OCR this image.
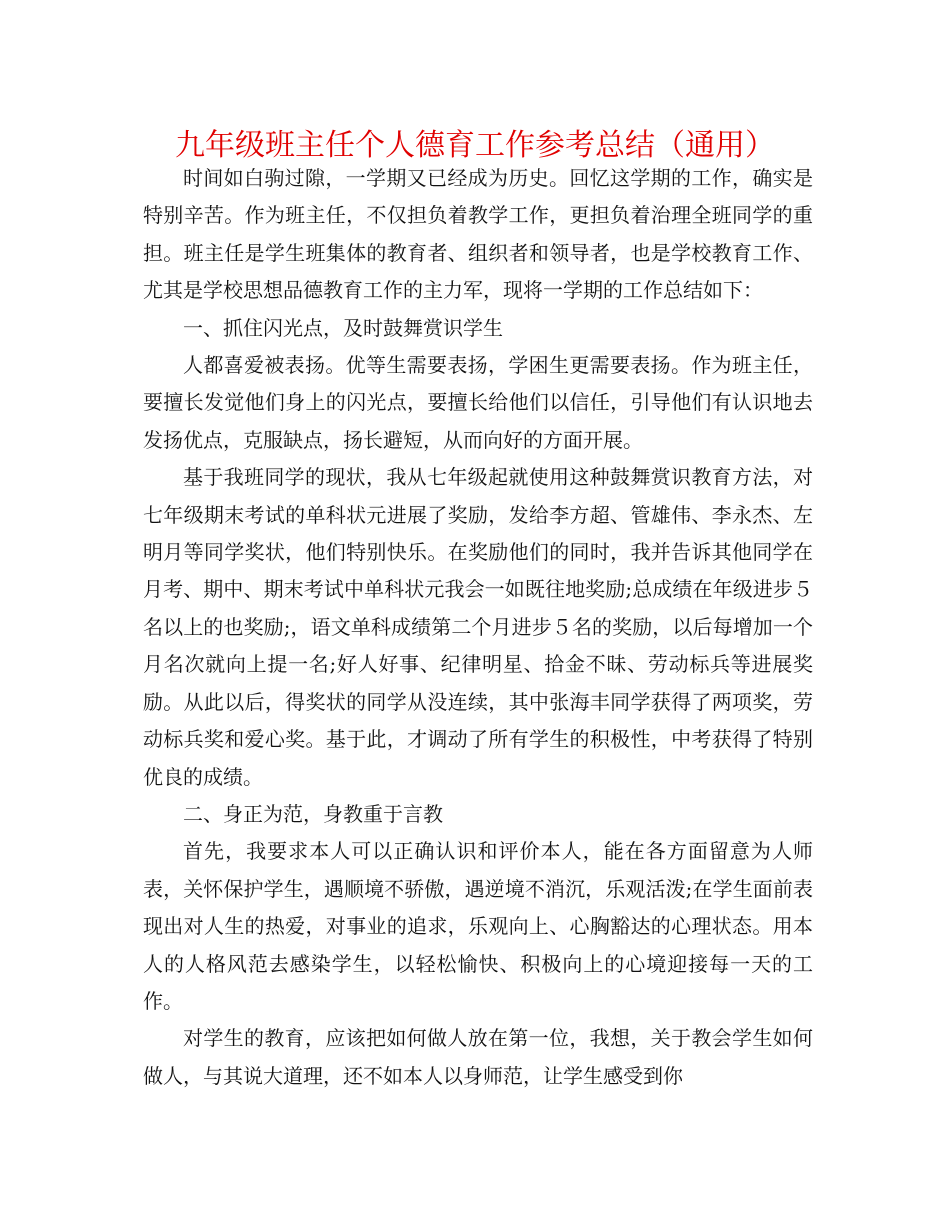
九年级班主任个人德育工作参考总结（通用）

时间如白驹过隙，一学期又已经成为历史。回忆这学期的工作，确实是特别辛苦。作为班主任，不仅担负着教学工作，更担负着治理全班同学的重担。班主任是学生班集体的教育者、组织者和领导者，也是学校教育工作、尤其是学校思想品德教育工作的主力军，现将一学期的工作总结如下：

一、抓住闪光点，及时鼓舞赏识学生

人都喜爱被表扬。优等生需要表扬，学困生更需要表扬。作为班主任，要擅长发觉他们身上的闪光点，要擅长给他们以信任，引导他们有认识地去发扬优点，克服缺点，扬长避短，从而向好的方面开展。

基于我班同学的现状，我从七年级起就使用这种鼓舞赏识教育方法，对七年级期末考试的单科状元进展了奖励，发给李方超、管雄伟、李永杰、左明月等同学奖状，他们特别快乐。在奖励他们的同时，我并告诉其他同学在月考、期中、期末考试中单科状元我会一如既往地奖励;总成绩在年级进步５名以上的也奖励;，语文单科成绩第二个月进步５名的奖励，以后每增加一个月名次就向上提一名;好人好事、纪律明星、拾金不昧、劳动标兵等进展奖励。从此以后，得奖状的同学从没连续，其中张海丰同学获得了两项奖，劳动标兵奖和爱心奖。基于此，才调动了所有学生的积极性，中考获得了特别优良的成绩。

二、身正为范，身教重于言教

首先，我要求本人可以正确认识和评价本人，能在各方面留意为人师表，关怀保护学生，遇顺境不骄傲，遇逆境不消沉，乐观活泼;在学生面前表现出对人生的热爱，对事业的追求，乐观向上、心胸豁达的心理状态。用本人的人格风范去感染学生，以轻松愉快、积极向上的心境迎接每一天的工作。

对学生的教育，应该把如何做人放在第一位，我想，关于教会学生如何做人，与其说大道理，还不如本人以身师范，让学生感受到你
